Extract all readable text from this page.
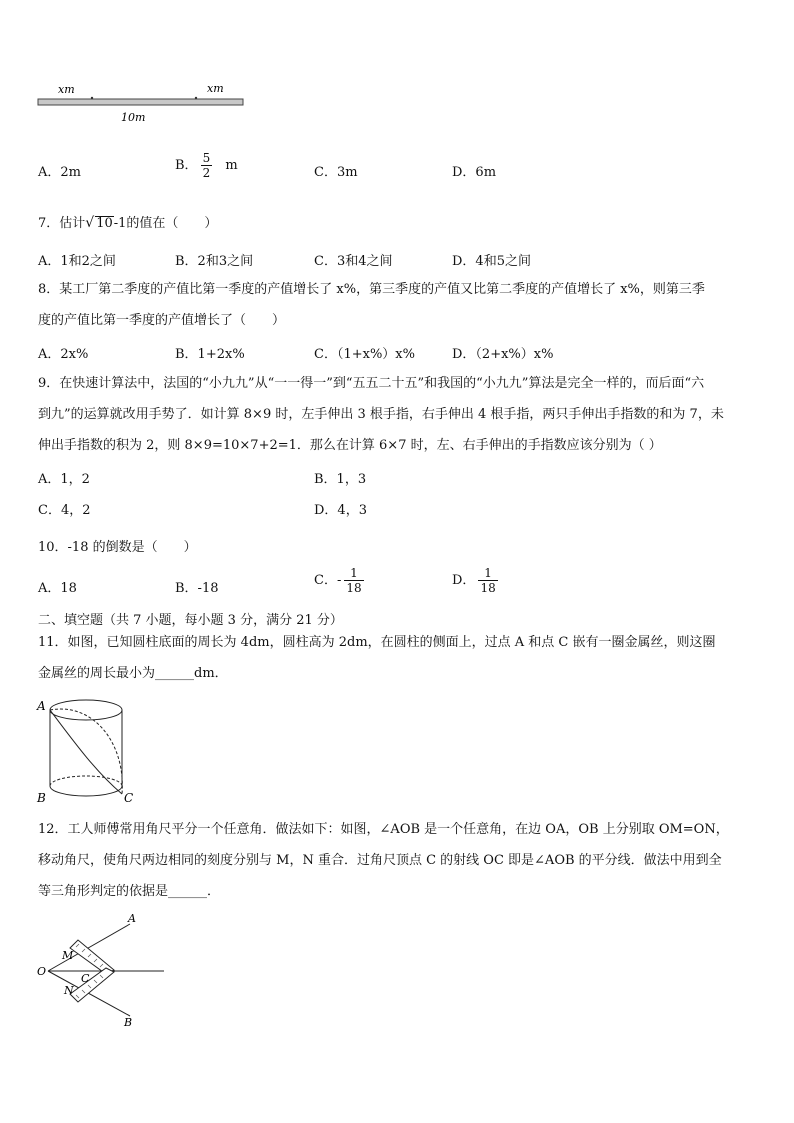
xm	xm
10m
A．2m	B． $\frac{5}{2}$ m	C．3m	D．6m
7．估计√ 10-1的值在（　　）
A．1和2之间	B．2和3之间	C．3和4之间	D．4和5之间
8．某工厂第二季度的产值比第一季度的产值增长了 x%，第三季度的产值又比第二季度的产值增长了 x%，则第三季
度的产值比第一季度的产值增长了（　　）
A．2x%	B．1+2x%	C．（1+x%）x%	D．（2+x%）x%
9．在快速计算法中，法国的“小九九”从“一一得一”到“五五二十五”和我国的“小九九”算法是完全一样的，而后面“六
到九”的运算就改用手势了．如计算 8×9 时，左手伸出 3 根手指，右手伸出 4 根手指，两只手伸出手指数的和为 7，未
伸出手指数的积为 2，则 8×9=10×7+2=1．那么在计算 6×7 时，左、右手伸出的手指数应该分别为（ ）
A．1，2	B．1，3
C．4，2	D．4，3
10．-18 的倒数是（　　）
A．18	B．-18
C．- $\frac{1}{18}$	D． $\frac{1}{18}$
二、填空题（共 7 小题，每小题 3 分，满分 21 分）
11．如图，已知圆柱底面的周长为 4dm，圆柱高为 2dm，在圆柱的侧面上，过点 A 和点 C 嵌有一圈金属丝，则这圈
金属丝的周长最小为______dm．
A
B	C
12．工人师傅常用角尺平分一个任意角．做法如下：如图，∠AOB 是一个任意角，在边 OA，OB 上分别取 OM=ON，
移动角尺，使角尺两边相同的刻度分别与 M，N 重合．过角尺顶点 C 的射线 OC 即是∠AOB 的平分线．做法中用到全
等三角形判定的依据是______．
A
B
O
M
N
C
